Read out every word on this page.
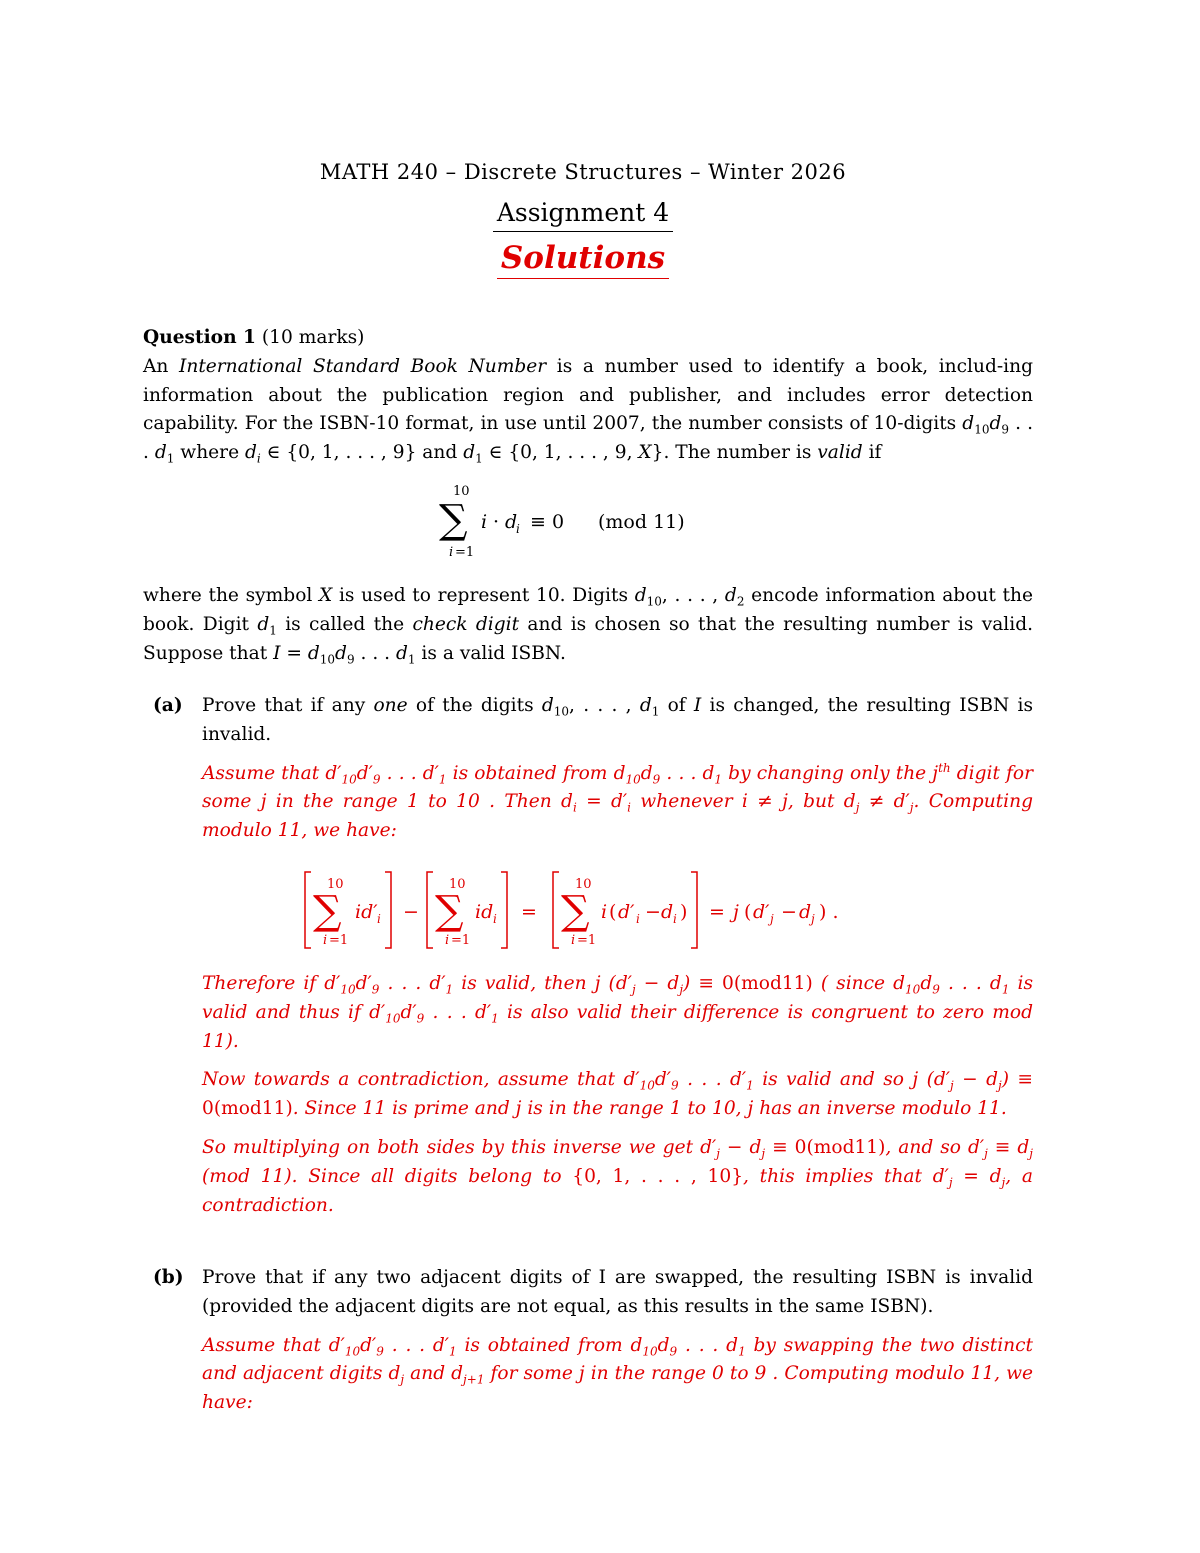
MATH 240 – Discrete Structures – Winter 2026
Assignment 4
Solutions
Question 1 (10 marks)
An International Standard Book Number is a number used to identify a book, includ-ing information about the publication region and publisher, and includes error detection capability. For the ISBN-10 format, in use until 2007, the number consists of 10-digits $d_{10}d_9$ . . . $d_1$ where $d_i$ ∈ {0, 1, . . . , 9} and $d_1$ ∈ {0, 1, . . . , 9, X}. The number is valid if
10
∑
i =1
i · d
i ≡ 0 (mod 11)
where the symbol X is used to represent 10. Digits $d_{10}$, . . . , $d_2$ encode information about the book. Digit $d_1$ is called the check digit and is chosen so that the resulting number is valid. Suppose that $I = d_{10}d_9$ . . . $d_1$ is a valid ISBN.
(a) Prove that if any one of the digits $d_{10}$, . . . , $d_1$ of I is changed, the resulting ISBN is invalid.
Assume that $d'_{10}d'_9$ . . . $d'_1$ is obtained from $d_{10}d_9$ . . . $d_1$ by changing only the $j^{th}$ digit for some j in the range 1 to 10 . Then $d_i = d'_i$ whenever i ≠ j, but $d_j \ne d'_j$. Computing modulo 11, we have:
10
∑
i =1
id′ i −
10
∑
i =1
id i =
10
∑
i =1
i ( d′ i − d i ) = j ( d′ j − d j ) .
Therefore if $d'_{10}d'_9$ . . . $d'_1$ is valid, then j $(d'_j - d_j) \equiv 0(mod11)$ ( since $d_{10}d_9$ . . . $d_1$ is valid and thus if $d'_{10}d'_9$ . . . $d'_1$ is also valid their difference is congruent to zero mod 11).
Now towards a contradiction, assume that $d'_{10}d'_9$ . . . $d'_1$ is valid and so j $(d'_j - d_j) \equiv 0(mod11)$. Since 11 is prime and j is in the range 1 to 10, j has an inverse modulo 11.
So multiplying on both sides by this inverse we get $d'_j - d_j \equiv 0(mod11)$, and so $d'_j \equiv d_j$ (mod 11). Since all digits belong to {0, 1, . . . , 10}, this implies that $d'_j = d_j$, a contradiction.
(b) Prove that if any two adjacent digits of I are swapped, the resulting ISBN is invalid (provided the adjacent digits are not equal, as this results in the same ISBN).
Assume that $d'_{10}d'_9$ . . . $d'_1$ is obtained from $d_{10}d_9$ . . . $d_1$ by swapping the two distinct and adjacent digits $d_j$ and $d_{j+1}$ for some j in the range 0 to 9 . Computing modulo 11, we have:
